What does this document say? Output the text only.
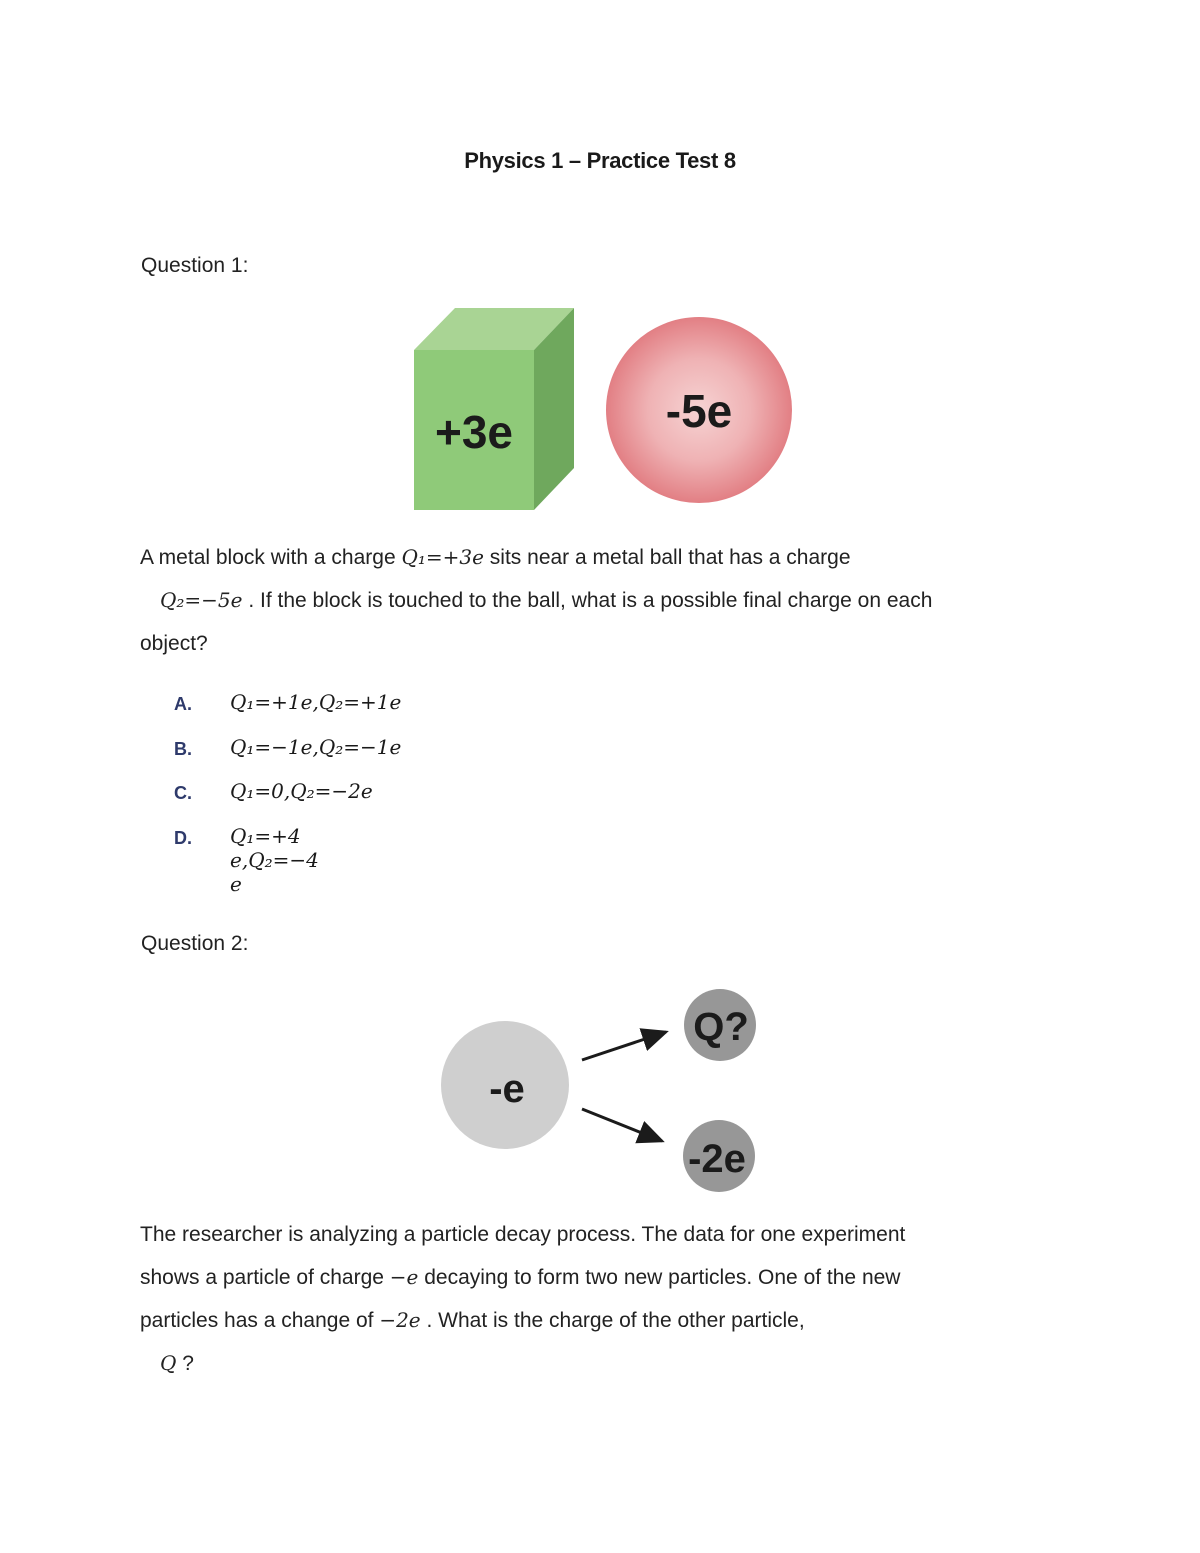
Physics 1 – Practice Test 8
Question 1:
+3e	-5e
A metal block with a charge Q₁=+3e sits near a metal ball that has a charge
Q₂=−5e . If the block is touched to the ball, what is a possible final charge on each
object?
A. Q₁=+1e,Q₂=+1e
B. Q₁=−1e,Q₂=−1e
C. Q₁=0,Q₂=−2e
D. Q₁=+4 e,Q₂=−4 e
Question 2:
-e
Q?
-2e
The researcher is analyzing a particle decay process. The data for one experiment
shows a particle of charge −e decaying to form two new particles. One of the new
particles has a change of −2e . What is the charge of the other particle,
Q ?
